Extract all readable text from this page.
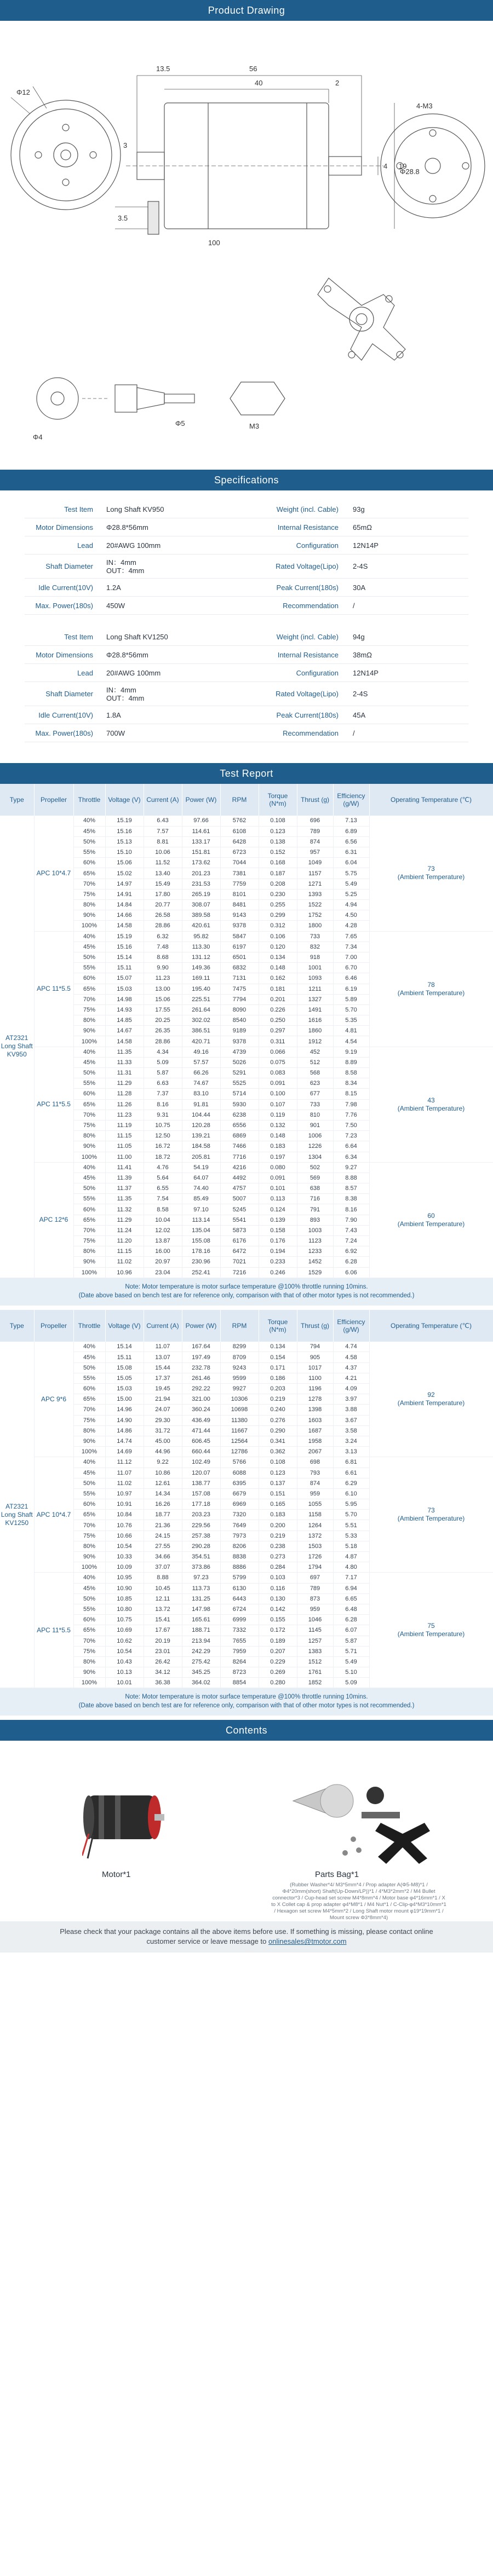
Product Drawing
13.5	56
40	2
3
Φ12
Φ28.8
4
3.5
100
19
4-M3
Φ4
Φ5	M3
Specifications
Test Item	Long Shaft KV950	Weight (incl. Cable)	93g
Motor Dimensions	Φ28.8*56mm	Internal Resistance	65mΩ
Lead	20#AWG 100mm	Configuration	12N14P
Shaft Diameter	IN：4mm
OUT：4mm	Rated Voltage(Lipo)	2-4S
Idle Current(10V)	1.2A	Peak Current(180s)	30A
Max. Power(180s)	450W	Recommendation	/
Test Item	Long Shaft KV1250	Weight (incl. Cable)	94g
Motor Dimensions	Φ28.8*56mm	Internal Resistance	38mΩ
Lead	20#AWG 100mm	Configuration	12N14P
Shaft Diameter	IN：4mm
OUT：4mm	Rated Voltage(Lipo)	2-4S
Idle Current(10V)	1.8A	Peak Current(180s)	45A
Max. Power(180s)	700W	Recommendation	/
Test Report
Type	Propeller	Throttle	Voltage (V)	Current (A)	Power (W)	RPM	Torque (N*m)	Thrust (g)	Efficiency (g/W)	Operating Temperature (℃)
AT2321 Long Shaft KV950	APC 10*4.7	40%	15.19	6.43	97.66	5762	0.108	696	7.13	73
(Ambient Temperature)

		45%	15.16	7.57	114.61	6108	0.123	789	6.89	
		50%	15.13	8.81	133.17	6428	0.138	874	6.56	
		55%	15.10	10.06	151.81	6723	0.152	957	6.31	
		60%	15.06	11.52	173.62	7044	0.168	1049	6.04	
		65%	15.02	13.40	201.23	7381	0.187	1157	5.75	
		70%	14.97	15.49	231.53	7759	0.208	1271	5.49	
		75%	14.91	17.80	265.19	8101	0.230	1393	5.25	
		80%	14.84	20.77	308.07	8481	0.255	1522	4.94	
		90%	14.66	26.58	389.58	9143	0.299	1752	4.50	
		100%	14.58	28.86	420.61	9378	0.312	1800	4.28	
	APC 11*5.5	40%	15.19	6.32	95.82	5847	0.106	733	7.65	78
(Ambient Temperature)

		45%	15.16	7.48	113.30	6197	0.120	832	7.34	
		50%	15.14	8.68	131.12	6501	0.134	918	7.00	
		55%	15.11	9.90	149.36	6832	0.148	1001	6.70	
		60%	15.07	11.23	169.11	7131	0.162	1093	6.46	
		65%	15.03	13.00	195.40	7475	0.181	1211	6.19	
		70%	14.98	15.06	225.51	7794	0.201	1327	5.89	
		75%	14.93	17.55	261.64	8090	0.226	1491	5.70	
		80%	14.85	20.25	302.02	8540	0.250	1616	5.35	
		90%	14.67	26.35	386.51	9189	0.297	1860	4.81	
		100%	14.58	28.86	420.71	9378	0.311	1912	4.54	
	APC 11*5.5	40%	11.35	4.34	49.16	4739	0.066	452	9.19	43
(Ambient Temperature)

		45%	11.33	5.09	57.57	5026	0.075	512	8.89	
		50%	11.31	5.87	66.26	5291	0.083	568	8.58	
		55%	11.29	6.63	74.67	5525	0.091	623	8.34	
		60%	11.28	7.37	83.10	5714	0.100	677	8.15	
		65%	11.26	8.16	91.81	5930	0.107	733	7.98	
		70%	11.23	9.31	104.44	6238	0.119	810	7.76	
		75%	11.19	10.75	120.28	6556	0.132	901	7.50	
		80%	11.15	12.50	139.21	6869	0.148	1006	7.23	
		90%	11.05	16.72	184.58	7466	0.183	1226	6.64	
		100%	11.00	18.72	205.81	7716	0.197	1304	6.34	
	APC 12*6	40%	11.41	4.76	54.19	4216	0.080	502	9.27	60
(Ambient Temperature)

		45%	11.39	5.64	64.07	4492	0.091	569	8.88	
		50%	11.37	6.55	74.40	4757	0.101	638	8.57	
		55%	11.35	7.54	85.49	5007	0.113	716	8.38	
		60%	11.32	8.58	97.10	5245	0.124	791	8.16	
		65%	11.29	10.04	113.14	5541	0.139	893	7.90	
		70%	11.24	12.02	135.04	5873	0.158	1003	7.43	
		75%	11.20	13.87	155.08	6176	0.176	1123	7.24	
		80%	11.15	16.00	178.16	6472	0.194	1233	6.92	
		90%	11.02	20.97	230.96	7021	0.233	1452	6.28	
		100%	10.96	23.04	252.41	7216	0.246	1529	6.06	
Note: Motor temperature is motor surface temperature @100% throttle running 10mins.
(Date above based on bench test are for reference only, comparison with that of other motor types is not recommended.)
Type	Propeller	Throttle	Voltage (V)	Current (A)	Power (W)	RPM	Torque (N*m)	Thrust (g)	Efficiency (g/W)	Operating Temperature (℃)
AT2321 Long Shaft KV1250	APC 9*6	40%	15.14	11.07	167.64	8299	0.134	794	4.74	92
(Ambient Temperature)

		45%	15.11	13.07	197.49	8709	0.154	905	4.58	
		50%	15.08	15.44	232.78	9243	0.171	1017	4.37	
		55%	15.05	17.37	261.46	9599	0.186	1100	4.21	
		60%	15.03	19.45	292.22	9927	0.203	1196	4.09	
		65%	15.00	21.94	321.00	10306	0.219	1278	3.97	
		70%	14.96	24.07	360.24	10698	0.240	1398	3.88	
		75%	14.90	29.30	436.49	11380	0.276	1603	3.67	
		80%	14.86	31.72	471.44	11667	0.290	1687	3.58	
		90%	14.74	45.00	606.45	12564	0.341	1958	3.24	
		100%	14.69	44.96	660.44	12786	0.362	2067	3.13	
	APC 10*4.7	40%	11.12	9.22	102.49	5766	0.108	698	6.81	73
(Ambient Temperature)

		45%	11.07	10.86	120.07	6088	0.123	793	6.61	
		50%	11.02	12.61	138.77	6395	0.137	874	6.29	
		55%	10.97	14.34	157.08	6679	0.151	959	6.10	
		60%	10.91	16.26	177.18	6969	0.165	1055	5.95	
		65%	10.84	18.77	203.23	7320	0.183	1158	5.70	
		70%	10.76	21.36	229.56	7649	0.200	1264	5.51	
		75%	10.66	24.15	257.38	7973	0.219	1372	5.33	
		80%	10.54	27.55	290.28	8206	0.238	1503	5.18	
		90%	10.33	34.66	354.51	8838	0.273	1726	4.87	
		100%	10.09	37.07	373.86	8886	0.284	1794	4.80	
	APC 11*5.5	40%	10.95	8.88	97.23	5799	0.103	697	7.17	75
(Ambient Temperature)

		45%	10.90	10.45	113.73	6130	0.116	789	6.94	
		50%	10.85	12.11	131.25	6443	0.130	873	6.65	
		55%	10.80	13.72	147.98	6724	0.142	959	6.48	
		60%	10.75	15.41	165.61	6999	0.155	1046	6.28	
		65%	10.69	17.67	188.71	7332	0.172	1145	6.07	
		70%	10.62	20.19	213.94	7655	0.189	1257	5.87	
		75%	10.54	23.01	242.29	7959	0.207	1383	5.71	
		80%	10.43	26.42	275.42	8264	0.229	1512	5.49	
		90%	10.13	34.12	345.25	8723	0.269	1761	5.10	
		100%	10.01	36.38	364.02	8854	0.280	1852	5.09	
Note: Motor temperature is motor surface temperature @100% throttle running 10mins.
(Date above based on bench test are for reference only, comparison with that of other motor types is not recommended.)
Contents
Motor*1	Parts Bag*1
(Rubber Washer*4/ M3*5mm*4 / Prop adapter A(Φ5-M8)*1 / Φ4*20mm(short) Shaft(Up-Down/LP))*1 / 4*M3*2mm*2 / M4 Bullet connector*3 / Cup-head set screw M4*8mm*4 / Motor base φ4*16mm*1 / X to X Collet cap & prop adapter φ4*M8*1 / M4 Nut*1 / C-Clip-φ4*M3*10mm*1 / Hexagon set screw M4*5mm*2 / Long Shaft motor mount φ19*19mm*1 / Mount screw Φ3*8mm*4)
Please check that your package contains all the above items before use. If something is missing, please contact online
customer service or leave message to onlinesales@tmotor.com
